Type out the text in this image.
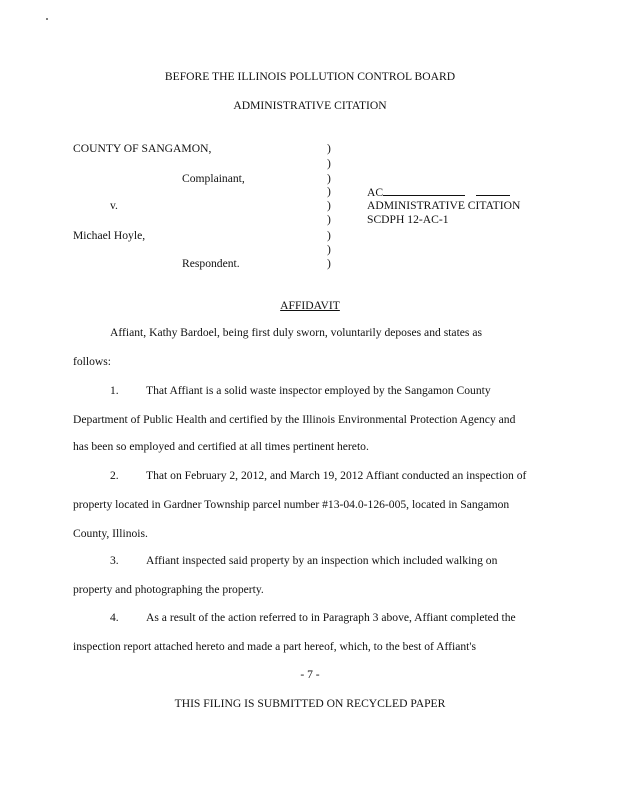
BEFORE THE ILLINOIS POLLUTION CONTROL BOARD
ADMINISTRATIVE CITATION
COUNTY OF SANGAMON,
Complainant,
v.
Michael Hoyle,
Respondent.
)
)
)
)
)
)
)
)
)
AC
ADMINISTRATIVE CITATION
SCDPH 12-AC-1
AFFIDAVIT
Affiant, Kathy Bardoel, being first duly sworn, voluntarily deposes and states as
follows:
1. That Affiant is a solid waste inspector employed by the Sangamon County
Department of Public Health and certified by the Illinois Environmental Protection Agency and
has been so employed and certified at all times pertinent hereto.
2. That on February 2, 2012, and March 19, 2012 Affiant conducted an inspection of
property located in Gardner Township parcel number #13-04.0-126-005, located in Sangamon
County, Illinois.
3. Affiant inspected said property by an inspection which included walking on
property and photographing the property.
4. As a result of the action referred to in Paragraph 3 above, Affiant completed the
inspection report attached hereto and made a part hereof, which, to the best of Affiant's
- 7 -
THIS FILING IS SUBMITTED ON RECYCLED PAPER
